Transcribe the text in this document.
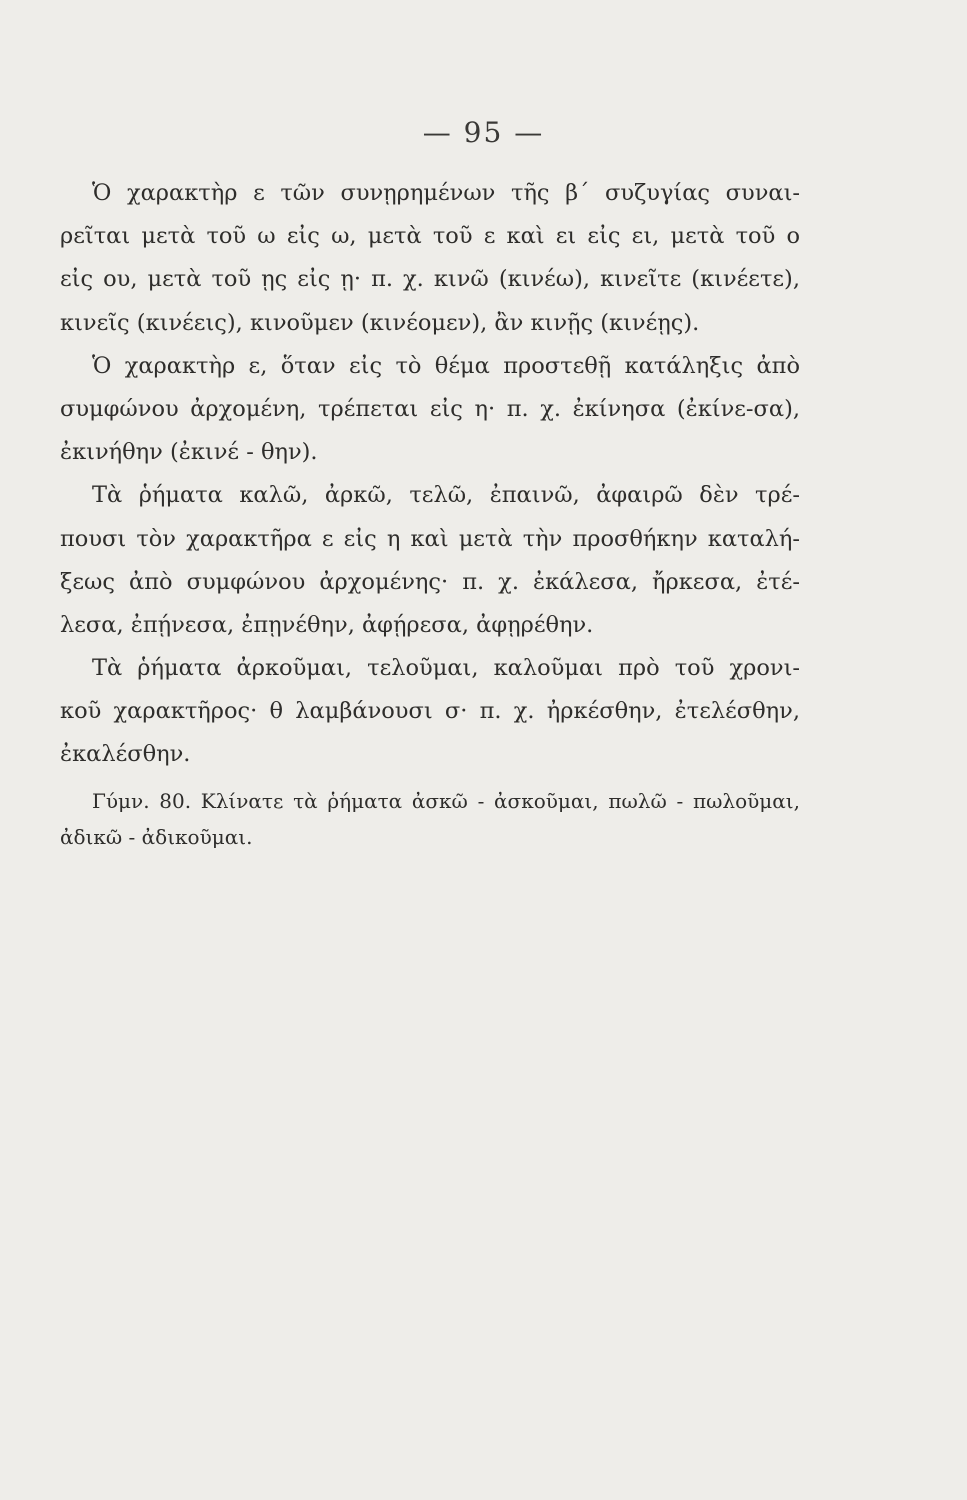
— 95 —
Ὁ χαρακτὴρ ε τῶν συνῃρημένων τῆς β΄ συζυγίας συναι-
ρεῖται μετὰ τοῦ ω εἰς ω, μετὰ τοῦ ε καὶ ει εἰς ει, μετὰ τοῦ ο
εἰς ου, μετὰ τοῦ ῃς εἰς ῃ· π. χ. κινῶ (κινέω), κινεῖτε (κινέετε),
κινεῖς (κινέεις), κινοῦμεν (κινέομεν), ἂν κινῇς (κινέῃς).
Ὁ χαρακτὴρ ε, ὅταν εἰς τὸ θέμα προστεθῇ κατάληξις ἀπὸ
συμφώνου ἀρχομένη, τρέπεται εἰς η· π. χ. ἐκίνησα (ἐκίνε-σα),
ἐκινήθην (ἐκινέ - θην).
Τὰ ῥήματα καλῶ, ἀρκῶ, τελῶ, ἐπαινῶ, ἀφαιρῶ δὲν τρέ-
πουσι τὸν χαρακτῆρα ε εἰς η καὶ μετὰ τὴν προσθήκην καταλή-
ξεως ἀπὸ συμφώνου ἀρχομένης· π. χ. ἐκάλεσα, ἤρκεσα, ἐτέ-
λεσα, ἐπῄνεσα, ἐπῃνέθην, ἀφῄρεσα, ἀφῃρέθην.
Τὰ ῥήματα ἀρκοῦμαι, τελοῦμαι, καλοῦμαι πρὸ τοῦ χρονι-
κοῦ χαρακτῆρος· θ λαμβάνουσι σ· π. χ. ἠρκέσθην, ἐτελέσθην,
ἐκαλέσθην.
Γύμν. 80. Κλίνατε τὰ ῥήματα ἀσκῶ - ἀσκοῦμαι, πωλῶ - πωλοῦμαι,
ἀδικῶ - ἀδικοῦμαι.
